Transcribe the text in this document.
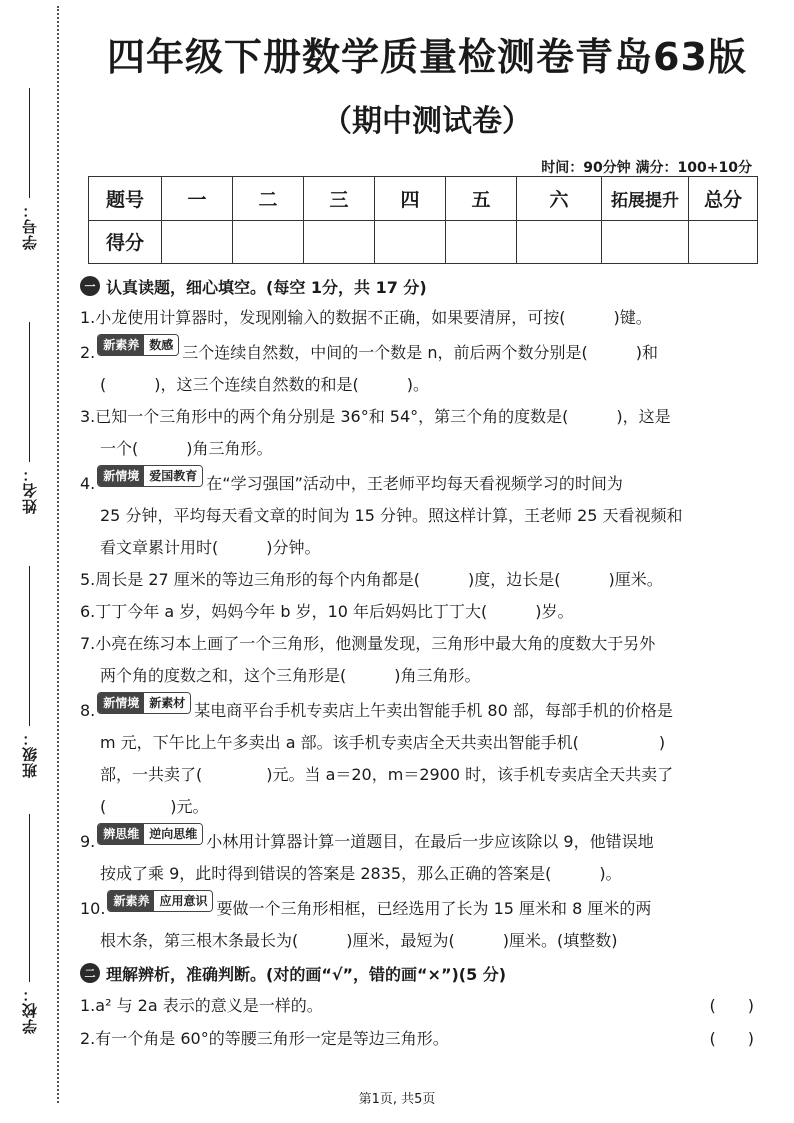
学号：
姓名：
班级：
学校：
四年级下册数学质量检测卷青岛63版
（期中测试卷）
时间：90分钟 满分：100+10分
题号	一	二	三	四	五	六	拓展提升	总分
得分								
一 认真读题，细心填空。(每空 1分，共 17 分)
1.小龙使用计算器时，发现刚输入的数据不正确，如果要清屏，可按(　　　)键。
2. 新素养 数感 三个连续自然数，中间的一个数是 n，前后两个数分别是(　　　)和
(　　　)，这三个连续自然数的和是(　　　)。
3.已知一个三角形中的两个角分别是 36°和 54°，第三个角的度数是(　　　)，这是
一个(　　　)角三角形。
4. 新情境 爱国教育 在“学习强国”活动中，王老师平均每天看视频学习的时间为
25 分钟，平均每天看文章的时间为 15 分钟。照这样计算，王老师 25 天看视频和
看文章累计用时(　　　)分钟。
5.周长是 27 厘米的等边三角形的每个内角都是(　　　)度，边长是(　　　)厘米。
6.丁丁今年 a 岁，妈妈今年 b 岁，10 年后妈妈比丁丁大(　　　)岁。
7.小亮在练习本上画了一个三角形，他测量发现，三角形中最大角的度数大于另外
两个角的度数之和，这个三角形是(　　　)角三角形。
8. 新情境 新素材 某电商平台手机专卖店上午卖出智能手机 80 部，每部手机的价格是
m 元，下午比上午多卖出 a 部。该手机专卖店全天共卖出智能手机(　　　　　)
部，一共卖了(　　　　)元。当 a＝20，m＝2900 时，该手机专卖店全天共卖了
(　　　　)元。
9. 辨思维 逆向思维 小林用计算器计算一道题目，在最后一步应该除以 9，他错误地
按成了乘 9，此时得到错误的答案是 2835，那么正确的答案是(　　　)。
10. 新素养 应用意识 要做一个三角形相框，已经选用了长为 15 厘米和 8 厘米的两
根木条，第三根木条最长为(　　　)厘米，最短为(　　　)厘米。(填整数)
二 理解辨析，准确判断。(对的画“√”，错的画“×”)(5 分)
1.a² 与 2a 表示的意义是一样的。	(　　)
2.有一个角是 60°的等腰三角形一定是等边三角形。	(　　)
第1页, 共5页
